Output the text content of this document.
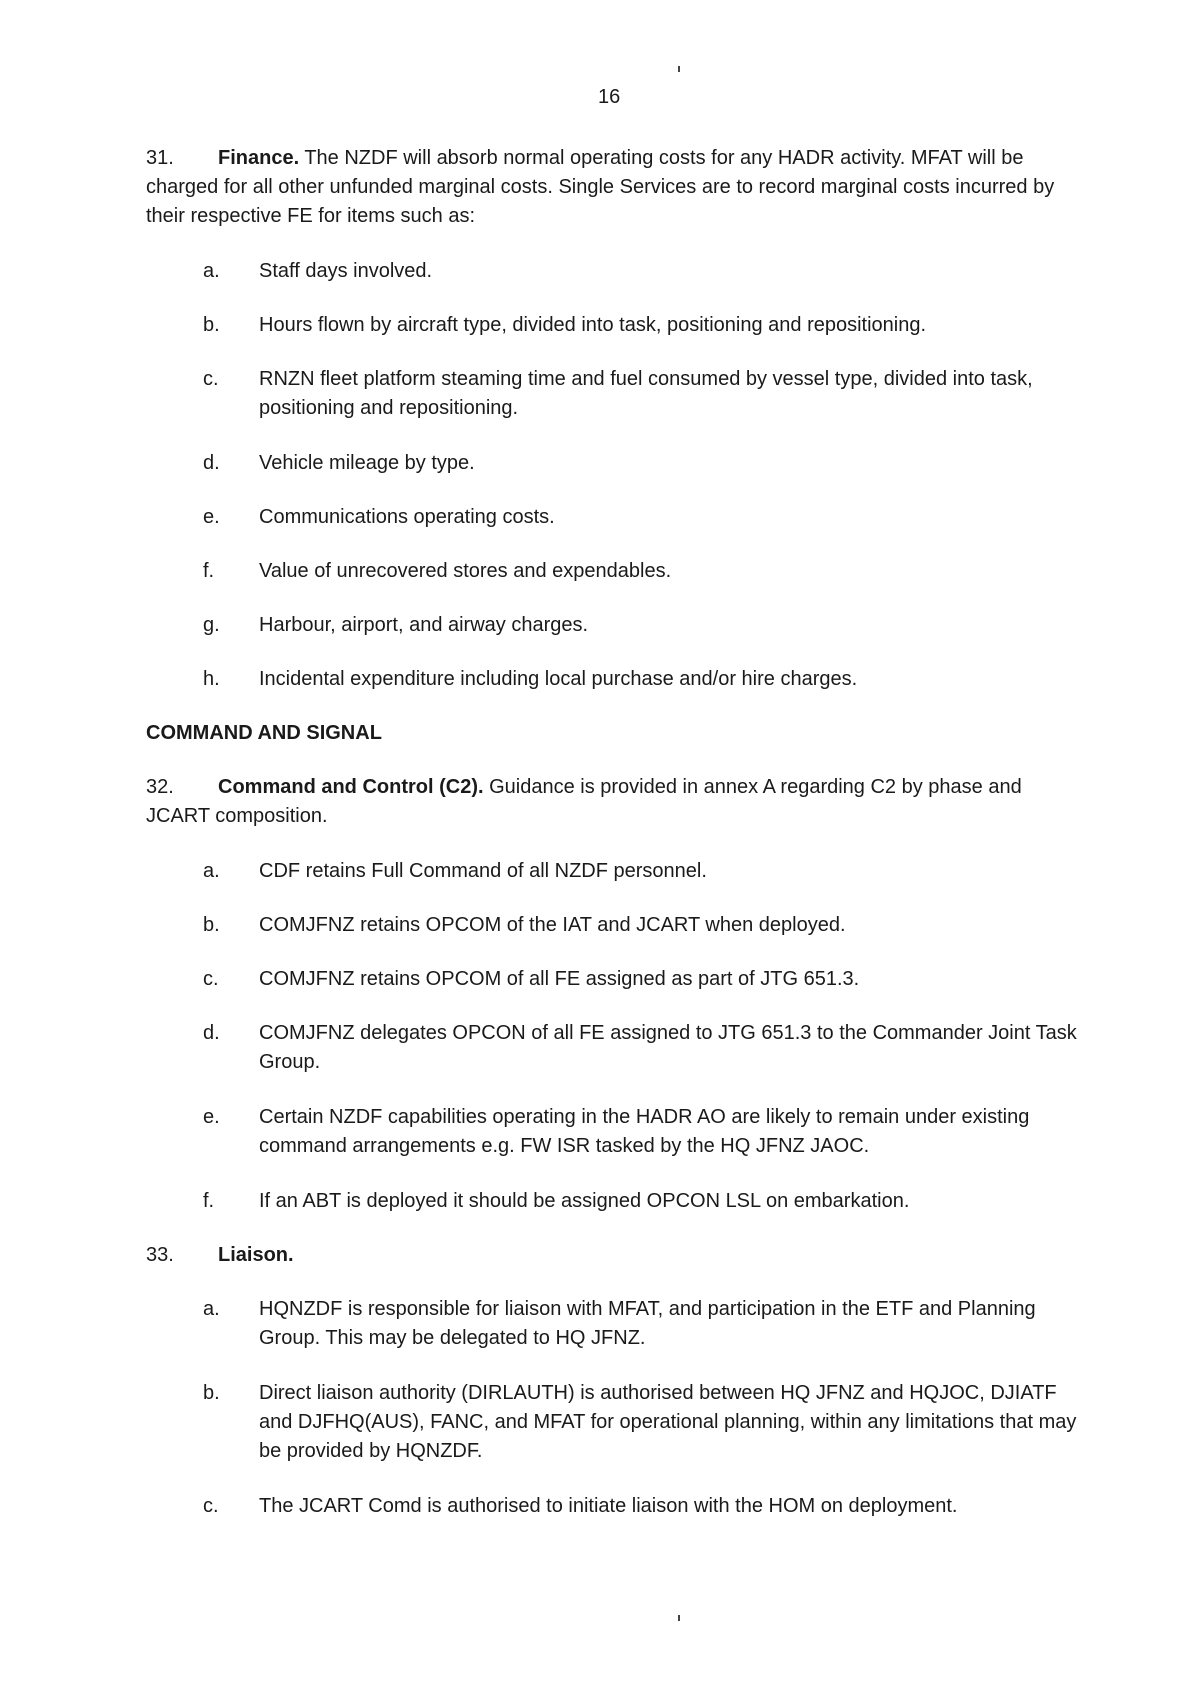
16
31. Finance. The NZDF will absorb normal operating costs for any HADR activity. MFAT will be charged for all other unfunded marginal costs. Single Services are to record marginal costs incurred by their respective FE for items such as:
a.	Staff days involved.
b.	Hours flown by aircraft type, divided into task, positioning and repositioning.
c.	RNZN fleet platform steaming time and fuel consumed by vessel type, divided into task, positioning and repositioning.
d.	Vehicle mileage by type.
e.	Communications operating costs.
f.	Value of unrecovered stores and expendables.
g.	Harbour, airport, and airway charges.
h.	Incidental expenditure including local purchase and/or hire charges.
COMMAND AND SIGNAL
32. Command and Control (C2). Guidance is provided in annex A regarding C2 by phase and JCART composition.
a.	CDF retains Full Command of all NZDF personnel.
b.	COMJFNZ retains OPCOM of the IAT and JCART when deployed.
c.	COMJFNZ retains OPCOM of all FE assigned as part of JTG 651.3.
d.	COMJFNZ delegates OPCON of all FE assigned to JTG 651.3 to the Commander Joint Task Group.
e.	Certain NZDF capabilities operating in the HADR AO are likely to remain under existing command arrangements e.g. FW ISR tasked by the HQ JFNZ JAOC.
f.	If an ABT is deployed it should be assigned OPCON LSL on embarkation.
33. Liaison.
a.	HQNZDF is responsible for liaison with MFAT, and participation in the ETF and Planning Group. This may be delegated to HQ JFNZ.
b.	Direct liaison authority (DIRLAUTH) is authorised between HQ JFNZ and HQJOC, DJIATF and DJFHQ(AUS), FANC, and MFAT for operational planning, within any limitations that may be provided by HQNZDF.
c.	The JCART Comd is authorised to initiate liaison with the HOM on deployment.
